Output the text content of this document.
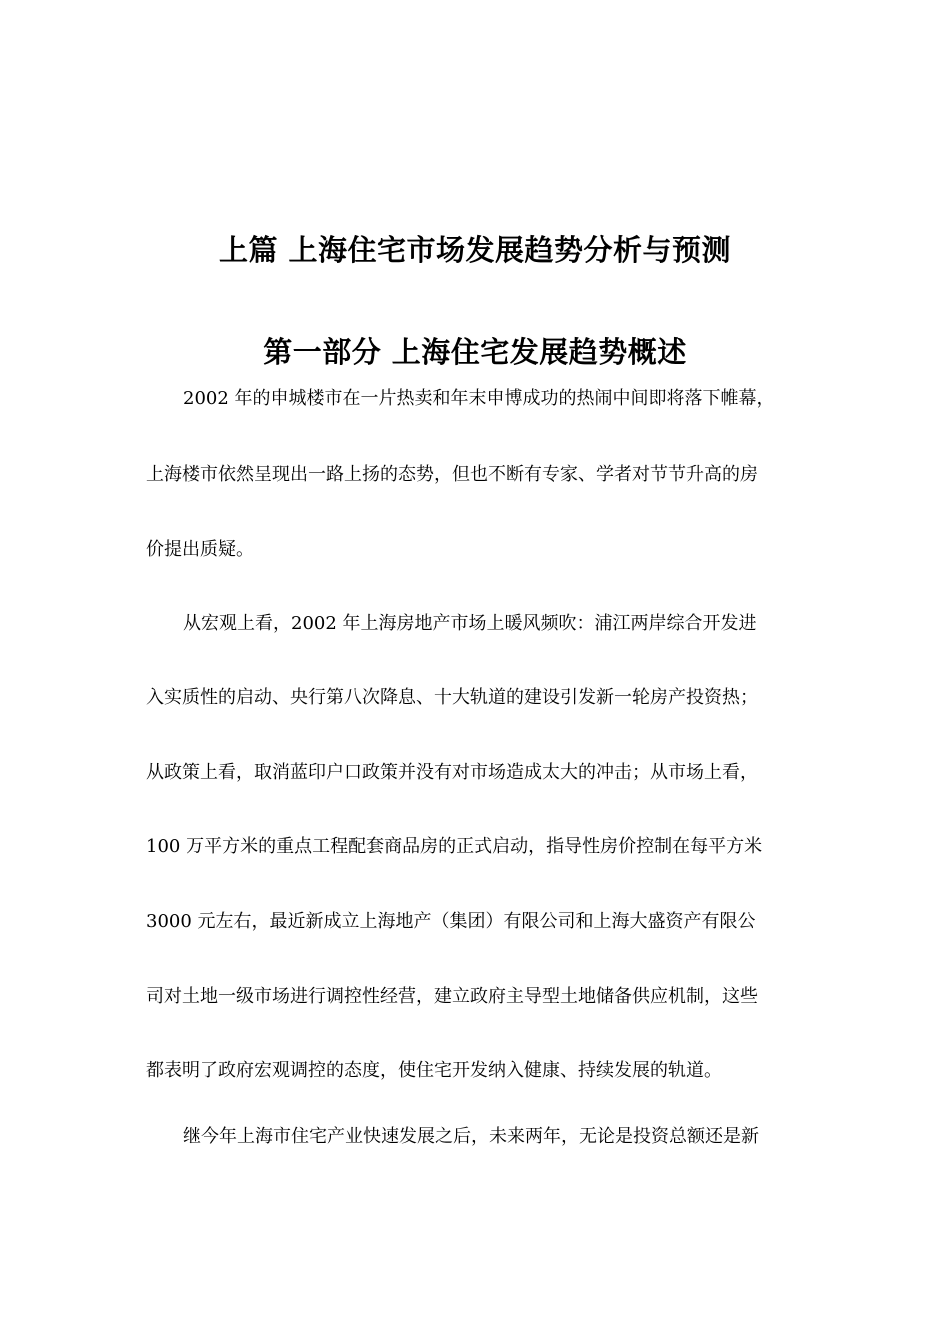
上篇 上海住宅市场发展趋势分析与预测
第一部分 上海住宅发展趋势概述
2002 年的申城楼市在一片热卖和年末申博成功的热闹中间即将落下帷幕，
上海楼市依然呈现出一路上扬的态势，但也不断有专家、学者对节节升高的房
价提出质疑。
从宏观上看，2002 年上海房地产市场上暖风频吹：浦江两岸综合开发进
入实质性的启动、央行第八次降息、十大轨道的建设引发新一轮房产投资热；
从政策上看，取消蓝印户口政策并没有对市场造成太大的冲击；从市场上看，
100 万平方米的重点工程配套商品房的正式启动，指导性房价控制在每平方米
3000 元左右，最近新成立上海地产（集团）有限公司和上海大盛资产有限公
司对土地一级市场进行调控性经营，建立政府主导型土地储备供应机制，这些
都表明了政府宏观调控的态度，使住宅开发纳入健康、持续发展的轨道。
继今年上海市住宅产业快速发展之后，未来两年，无论是投资总额还是新
